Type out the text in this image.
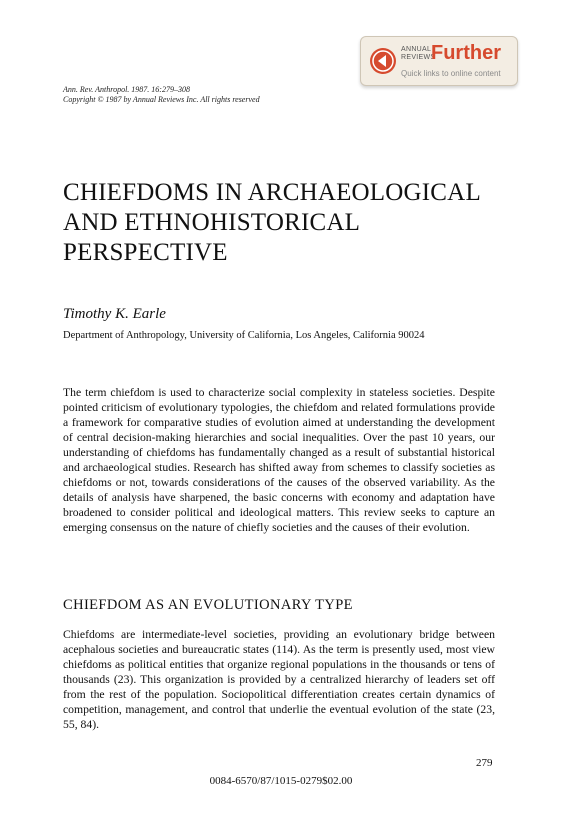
ANNUAL
REVIEWS
Further
Quick links to online content
Ann. Rev. Anthropol. 1987. 16:279–308
Copyright © 1987 by Annual Reviews Inc. All rights reserved
CHIEFDOMS IN ARCHAEOLOGICAL
AND ETHNOHISTORICAL
PERSPECTIVE
Timothy K. Earle
Department of Anthropology, University of California, Los Angeles, California 90024

The term chiefdom is used to characterize social complexity in stateless societies. Despite pointed criticism of evolutionary typologies, the chiefdom and related formulations provide a framework for comparative studies of evolution aimed at understanding the development of central decision-making hierarchies and social inequalities. Over the past 10 years, our understanding of chiefdoms has fundamentally changed as a result of substantial historical and archaeological studies. Research has shifted away from schemes to classify societies as chiefdoms or not, towards considerations of the causes of the observed variability. As the details of analysis have sharpened, the basic concerns with economy and adaptation have broadened to consider political and ideological matters. This review seeks to capture an emerging consensus on the nature of chiefly societies and the causes of their evolution.

CHIEFDOM AS AN EVOLUTIONARY TYPE

Chiefdoms are intermediate-level societies, providing an evolutionary bridge between acephalous societies and bureaucratic states (114). As the term is presently used, most view chiefdoms as political entities that organize regional populations in the thousands or tens of thousands (23). This organization is provided by a centralized hierarchy of leaders set off from the rest of the population. Sociopolitical differentiation creates certain dynamics of competition, management, and control that underlie the eventual evolution of the state (23, 55, 84).

279
0084-6570/87/1015-0279$02.00
